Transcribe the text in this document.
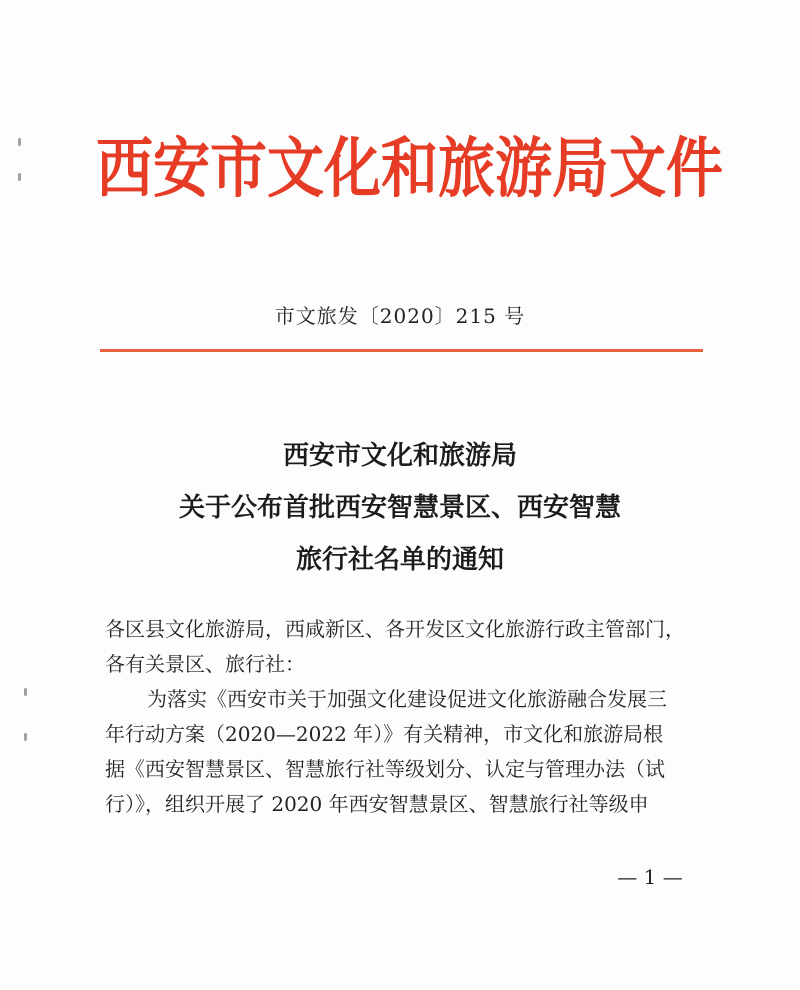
西安市文化和旅游局文件
市文旅发〔2020〕215 号
西安市文化和旅游局
关于公布首批西安智慧景区、西安智慧
旅行社名单的通知
各区县文化旅游局，西咸新区、各开发区文化旅游行政主管部门，
各有关景区、旅行社：
为落实《西安市关于加强文化建设促进文化旅游融合发展三
年行动方案（2020—2022 年）》有关精神，市文化和旅游局根
据《西安智慧景区、智慧旅行社等级划分、认定与管理办法（试
行）》，组织开展了 2020 年西安智慧景区、智慧旅行社等级申
— 1 —
